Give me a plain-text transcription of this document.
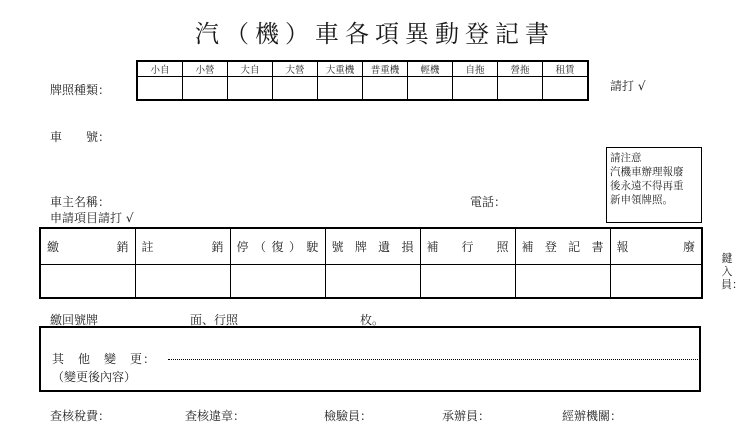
汽（機）車各項異動登記書
牌照種類：
小自	小營	大自	大營	大重機	普重機	輕機	自拖	營拖	租賃

請打 √
車　　號：
請注意
汽機車辦理報廢
後永遠不得再重
新申領牌照。
車主名稱：	電話：
申請項目請打 √
繳 銷	註 銷	停 （ 復 ） 駛	號 牌 遺 損	補 行 照	補 登 記 書	報 廢

鍵入員：
繳回號牌	面、行照	枚。
其　他　變　更：
（變更後內容）
查核稅費：	查核違章：	檢驗員：	承辦員：	經辦機關：
